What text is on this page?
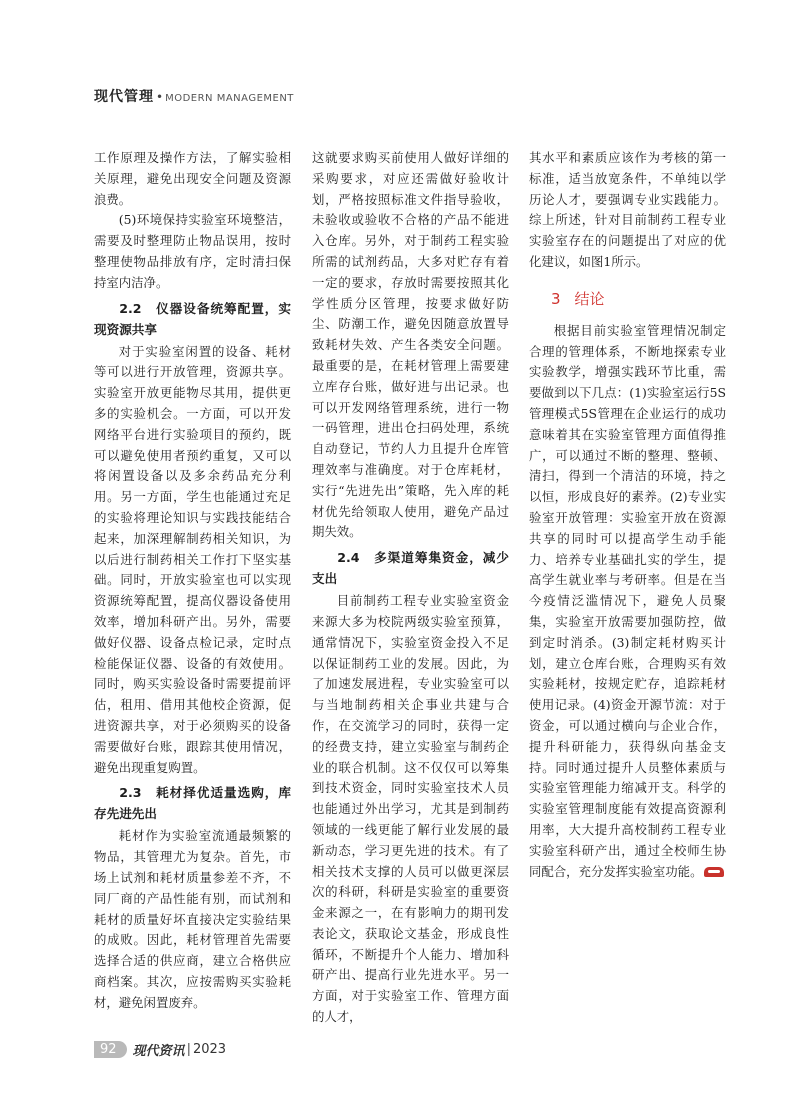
现代管理 • MODERN MANAGEMENT

工作原理及操作方法，了解实验相关原理，避免出现安全问题及资源浪费。

(5)环境保持实验室环境整洁，需要及时整理防止物品误用，按时整理使物品排放有序，定时清扫保持室内洁净。

2.2　仪器设备统筹配置，实现资源共享

对于实验室闲置的设备、耗材等可以进行开放管理，资源共享。实验室开放更能物尽其用，提供更多的实验机会。一方面，可以开发网络平台进行实验项目的预约，既可以避免使用者预约重复，又可以将闲置设备以及多余药品充分利用。另一方面，学生也能通过充足的实验将理论知识与实践技能结合起来，加深理解制药相关知识，为以后进行制药相关工作打下坚实基础。同时，开放实验室也可以实现资源统筹配置，提高仪器设备使用效率，增加科研产出。另外，需要做好仪器、设备点检记录，定时点检能保证仪器、设备的有效使用。同时，购买实验设备时需要提前评估，租用、借用其他校企资源，促进资源共享，对于必须购买的设备需要做好台账，跟踪其使用情况，避免出现重复购置。

2.3　耗材择优适量选购，库存先进先出

耗材作为实验室流通最频繁的物品，其管理尤为复杂。首先，市场上试剂和耗材质量参差不齐，不同厂商的产品性能有别，而试剂和耗材的质量好坏直接决定实验结果的成败。因此，耗材管理首先需要选择合适的供应商，建立合格供应商档案。其次，应按需购买实验耗材，避免闲置废弃。

这就要求购买前使用人做好详细的采购要求，对应还需做好验收计划，严格按照标准文件指导验收，未验收或验收不合格的产品不能进入仓库。另外，对于制药工程实验所需的试剂药品，大多对贮存有着一定的要求，存放时需要按照其化学性质分区管理，按要求做好防尘、防潮工作，避免因随意放置导致耗材失效、产生各类安全问题。最重要的是，在耗材管理上需要建立库存台账，做好进与出记录。也可以开发网络管理系统，进行一物一码管理，进出仓扫码处理，系统自动登记，节约人力且提升仓库管理效率与准确度。对于仓库耗材，实行“先进先出”策略，先入库的耗材优先给领取人使用，避免产品过期失效。

2.4　多渠道筹集资金，减少支出

目前制药工程专业实验室资金来源大多为校院两级实验室预算，通常情况下，实验室资金投入不足以保证制药工业的发展。因此，为了加速发展进程，专业实验室可以与当地制药相关企事业共建与合作，在交流学习的同时，获得一定的经费支持，建立实验室与制药企业的联合机制。这不仅仅可以筹集到技术资金，同时实验室技术人员也能通过外出学习，尤其是到制药领域的一线更能了解行业发展的最新动态，学习更先进的技术。有了相关技术支撑的人员可以做更深层次的科研，科研是实验室的重要资金来源之一，在有影响力的期刊发表论文，获取论文基金，形成良性循环，不断提升个人能力、增加科研产出、提高行业先进水平。另一方面，对于实验室工作、管理方面的人才，

其水平和素质应该作为考核的第一标准，适当放宽条件，不单纯以学历论人才，要强调专业实践能力。综上所述，针对目前制药工程专业实验室存在的问题提出了对应的优化建议，如图1所示。

3 结论

根据目前实验室管理情况制定合理的管理体系，不断地探索专业实验教学，增强实践环节比重，需要做到以下几点：(1)实验室运行5S管理模式5S管理在企业运行的成功意味着其在实验室管理方面值得推广，可以通过不断的整理、整顿、清扫，得到一个清洁的环境，持之以恒，形成良好的素养。(2)专业实验室开放管理：实验室开放在资源共享的同时可以提高学生动手能力、培养专业基础扎实的学生，提高学生就业率与考研率。但是在当今疫情泛滥情况下，避免人员聚集，实验室开放需要加强防控，做到定时消杀。(3)制定耗材购买计划，建立仓库台账，合理购买有效实验耗材，按规定贮存，追踪耗材使用记录。(4)资金开源节流：对于资金，可以通过横向与企业合作，提升科研能力，获得纵向基金支持。同时通过提升人员整体素质与实验室管理能力缩减开支。科学的实验室管理制度能有效提高资源利用率，大大提升高校制药工程专业实验室科研产出，通过全校师生协同配合，充分发挥实验室功能。

92	现代资讯 | 2023
